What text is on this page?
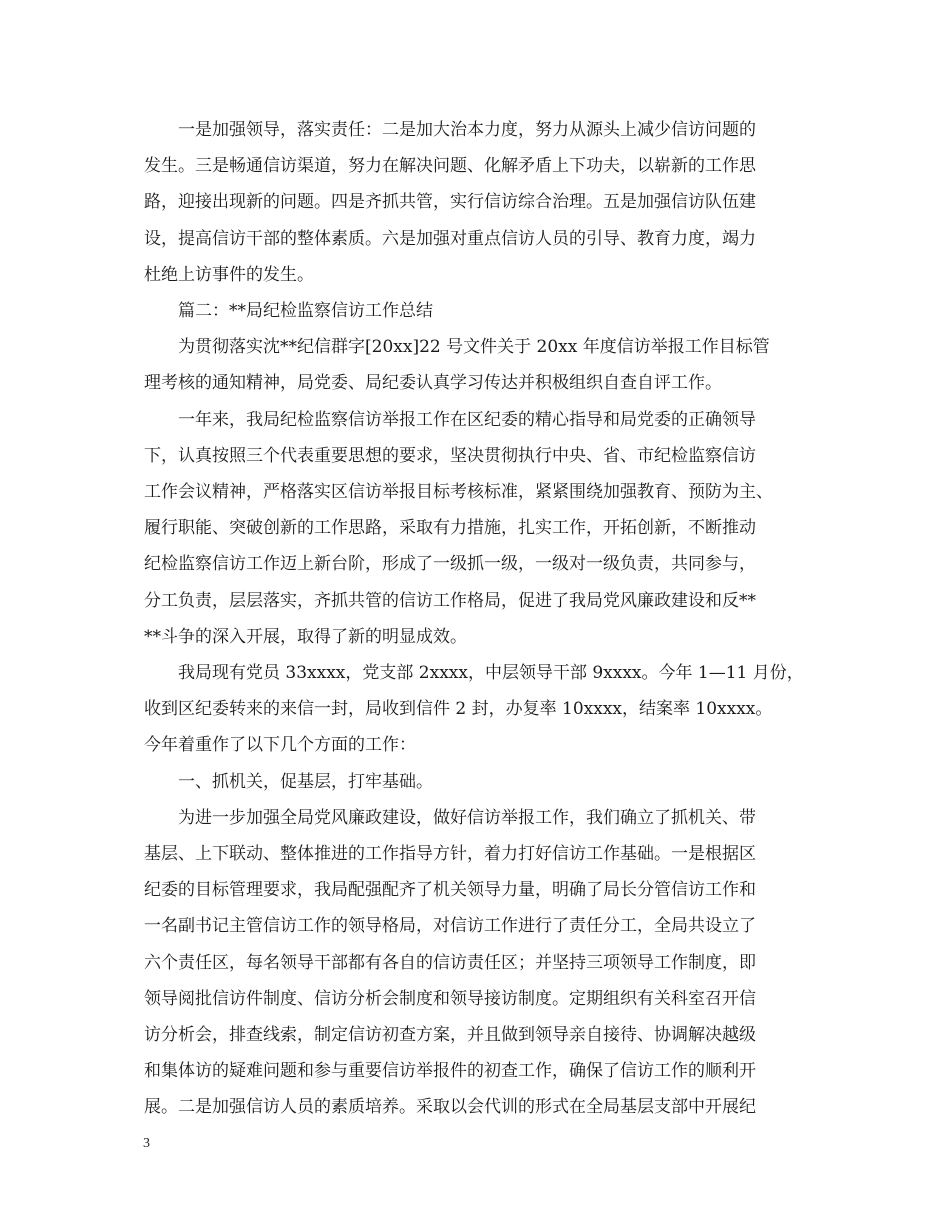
一是加强领导，落实责任：二是加大治本力度，努力从源头上减少信访问题的
发生。三是畅通信访渠道，努力在解决问题、化解矛盾上下功夫，以崭新的工作思
路，迎接出现新的问题。四是齐抓共管，实行信访综合治理。五是加强信访队伍建
设，提高信访干部的整体素质。六是加强对重点信访人员的引导、教育力度，竭力
杜绝上访事件的发生。

篇二：**局纪检监察信访工作总结

为贯彻落实沈**纪信群字[20xx]22 号文件关于 20xx 年度信访举报工作目标管
理考核的通知精神，局党委、局纪委认真学习传达并积极组织自查自评工作。

一年来，我局纪检监察信访举报工作在区纪委的精心指导和局党委的正确领导
下，认真按照三个代表重要思想的要求，坚决贯彻执行中央、省、市纪检监察信访
工作会议精神，严格落实区信访举报目标考核标准，紧紧围绕加强教育、预防为主、
履行职能、突破创新的工作思路，采取有力措施，扎实工作，开拓创新，不断推动
纪检监察信访工作迈上新台阶，形成了一级抓一级，一级对一级负责，共同参与，
分工负责，层层落实，齐抓共管的信访工作格局，促进了我局党风廉政建设和反**
**斗争的深入开展，取得了新的明显成效。

我局现有党员 33xxxx，党支部 2xxxx，中层领导干部 9xxxx。今年 1—11 月份，
收到区纪委转来的来信一封，局收到信件 2 封，办复率 10xxxx，结案率 10xxxx。
今年着重作了以下几个方面的工作：

一、抓机关，促基层，打牢基础。

为进一步加强全局党风廉政建设，做好信访举报工作，我们确立了抓机关、带
基层、上下联动、整体推进的工作指导方针，着力打好信访工作基础。一是根据区
纪委的目标管理要求，我局配强配齐了机关领导力量，明确了局长分管信访工作和
一名副书记主管信访工作的领导格局，对信访工作进行了责任分工，全局共设立了
六个责任区，每名领导干部都有各自的信访责任区；并坚持三项领导工作制度，即
领导阅批信访件制度、信访分析会制度和领导接访制度。定期组织有关科室召开信
访分析会，排查线索，制定信访初查方案，并且做到领导亲自接待、协调解决越级
和集体访的疑难问题和参与重要信访举报件的初查工作，确保了信访工作的顺利开
展。二是加强信访人员的素质培养。采取以会代训的形式在全局基层支部中开展纪

3
